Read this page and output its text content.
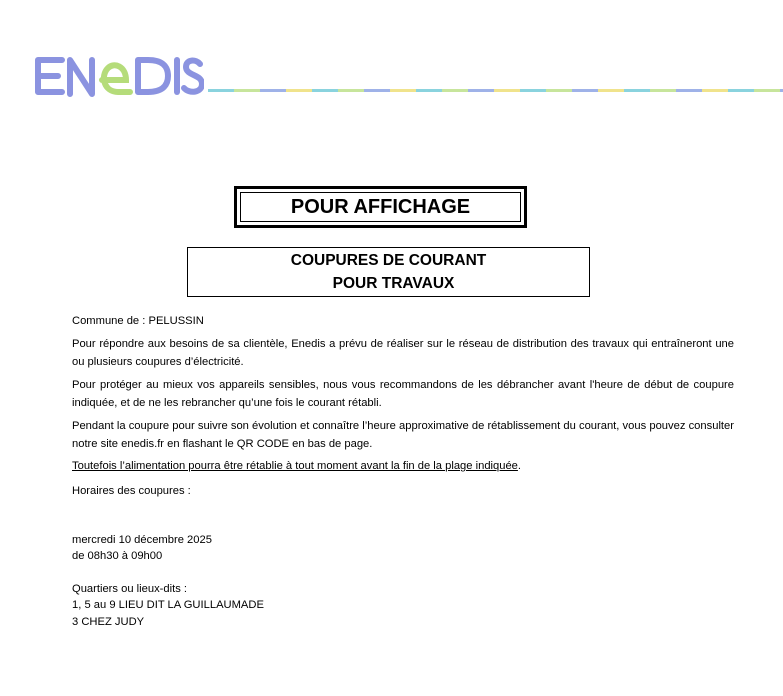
POUR AFFICHAGE
COUPURES DE COURANT
POUR TRAVAUX
Commune de : PELUSSIN

Pour répondre aux besoins de sa clientèle, Enedis a prévu de réaliser sur le réseau de distribution des travaux qui entraîneront une ou plusieurs coupures d’électricité.

Pour protéger au mieux vos appareils sensibles, nous vous recommandons de les débrancher avant l'heure de début de coupure indiquée, et de ne les rebrancher qu’une fois le courant rétabli.

Pendant la coupure pour suivre son évolution et connaître l’heure approximative de rétablissement du courant, vous pouvez consulter notre site enedis.fr en flashant le QR CODE en bas de page.

Toutefois l’alimentation pourra être rétablie à tout moment avant la fin de la plage indiquée.
Horaires des coupures :
mercredi 10 décembre 2025
de 08h30 à 09h00
Quartiers ou lieux-dits :
1, 5 au 9 LIEU DIT LA GUILLAUMADE
3 CHEZ JUDY
